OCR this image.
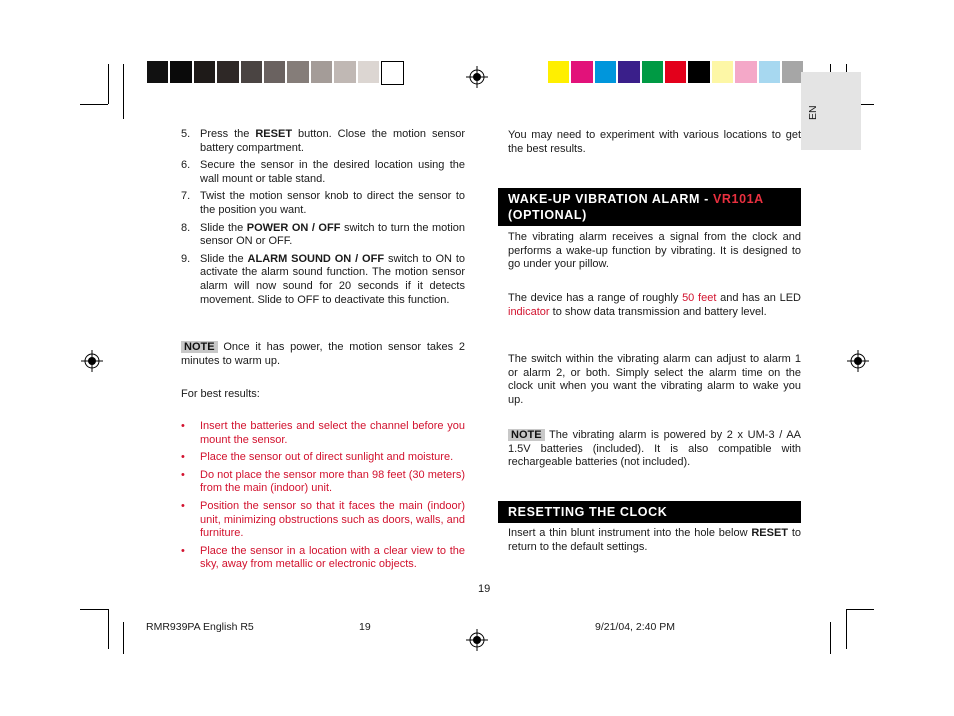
EN
5. Press the RESET button. Close the motion sensor battery compartment.
6. Secure the sensor in the desired location using the wall mount or table stand.
7. Twist the motion sensor knob to direct the sensor to the position you want.
8. Slide the POWER ON / OFF switch to turn the motion sensor ON or OFF.
9. Slide the ALARM SOUND ON / OFF switch to ON to activate the alarm sound function. The motion sensor alarm will now sound for 20 seconds if it detects movement. Slide to OFF to deactivate this function.
NOTE Once it has power, the motion sensor takes 2 minutes to warm up.
For best results:
• Insert the batteries and select the channel before you mount the sensor.
• Place the sensor out of direct sunlight and moisture.
• Do not place the sensor more than 98 feet (30 meters) from the main (indoor) unit.
• Position the sensor so that it faces the main (indoor) unit, minimizing obstructions such as doors, walls, and furniture.
• Place the sensor in a location with a clear view to the sky, away from metallic or electronic objects.
You may need to experiment with various locations to get the best results.
WAKE-UP VIBRATION ALARM - VR101A
(OPTIONAL)
The vibrating alarm receives a signal from the clock and performs a wake-up function by vibrating. It is designed to go under your pillow.
The device has a range of roughly 50 feet and has an LED indicator to show data transmission and battery level.
The switch within the vibrating alarm can adjust to alarm 1 or alarm 2, or both. Simply select the alarm time on the clock unit when you want the vibrating alarm to wake you up.
NOTE The vibrating alarm is powered by 2 x UM-3 / AA 1.5V batteries (included). It is also compatible with rechargeable batteries (not included).
RESETTING THE CLOCK
Insert a thin blunt instrument into the hole below RESET to return to the default settings.
19
RMR939PA English R5	19	9/21/04, 2:40 PM
